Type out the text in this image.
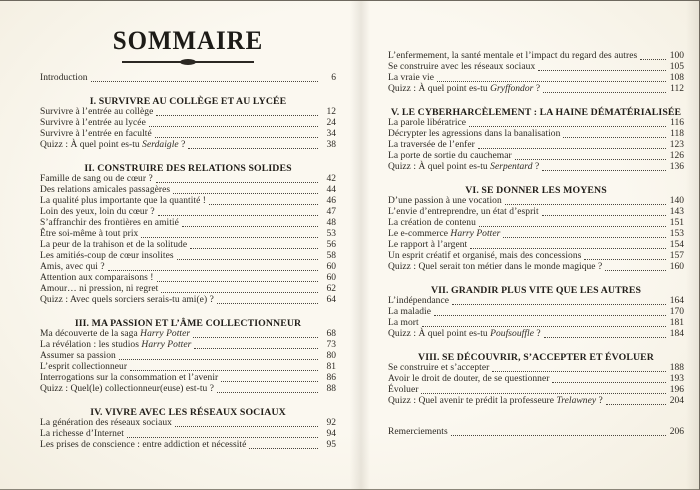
SOMMAIRE
Introduction	6
I. SURVIVRE AU COLLÈGE ET AU LYCÉE
Survivre à l’entrée au collège	12
Survivre à l’entrée au lycée	24
Survivre à l’entrée en faculté	34
Quizz : À quel point es-tu Serdaigle ?	38
II. CONSTRUIRE DES RELATIONS SOLIDES
Famille de sang ou de cœur ?	42
Des relations amicales passagères	44
La qualité plus importante que la quantité !	46
Loin des yeux, loin du cœur ?	47
S’affranchir des frontières en amitié	48
Être soi-même à tout prix	53
La peur de la trahison et de la solitude	56
Les amitiés-coup de cœur insolites	58
Amis, avec qui ?	60
Attention aux comparaisons !	60
Amour… ni pression, ni regret	62
Quizz : Avec quels sorciers serais-tu ami(e) ?	64
III. MA PASSION ET L’ÂME COLLECTIONNEUR
Ma découverte de la saga Harry Potter	68
La révélation : les studios Harry Potter	73
Assumer sa passion	80
L’esprit collectionneur	81
Interrogations sur la consommation et l’avenir	86
Quizz : Quel(le) collectionneur(euse) est-tu ?	88
IV. VIVRE AVEC LES RÉSEAUX SOCIAUX
La génération des réseaux sociaux	92
La richesse d’Internet	94
Les prises de conscience : entre addiction et nécessité	95
L’enfermement, la santé mentale et l’impact du regard des autres	100
Se construire avec les réseaux sociaux	105
La vraie vie	108
Quizz : À quel point es-tu Gryffondor ?	112
V. LE CYBERHARCÈLEMENT : LA HAINE DÉMATÉRIALISÉE
La parole libératrice	116
Décrypter les agressions dans la banalisation	118
La traversée de l’enfer	123
La porte de sortie du cauchemar	126
Quizz : À quel point es-tu Serpentard ?	136
VI. SE DONNER LES MOYENS
D’une passion à une vocation	140
L’envie d’entreprendre, un état d’esprit	143
La création de contenu	151
Le e-commerce Harry Potter	153
Le rapport à l’argent	154
Un esprit créatif et organisé, mais des concessions	157
Quizz : Quel serait ton métier dans le monde magique ?	160
VII. GRANDIR PLUS VITE QUE LES AUTRES
L’indépendance	164
La maladie	170
La mort	181
Quizz : À quel point es-tu Poufsouffle ?	184
VIII. SE DÉCOUVRIR, S’ACCEPTER ET ÉVOLUER
Se construire et s’accepter	188
Avoir le droit de douter, de se questionner	193
Évoluer	196
Quizz : Quel avenir te prédit la professeure Trelawney ?	204
Remerciements	206
